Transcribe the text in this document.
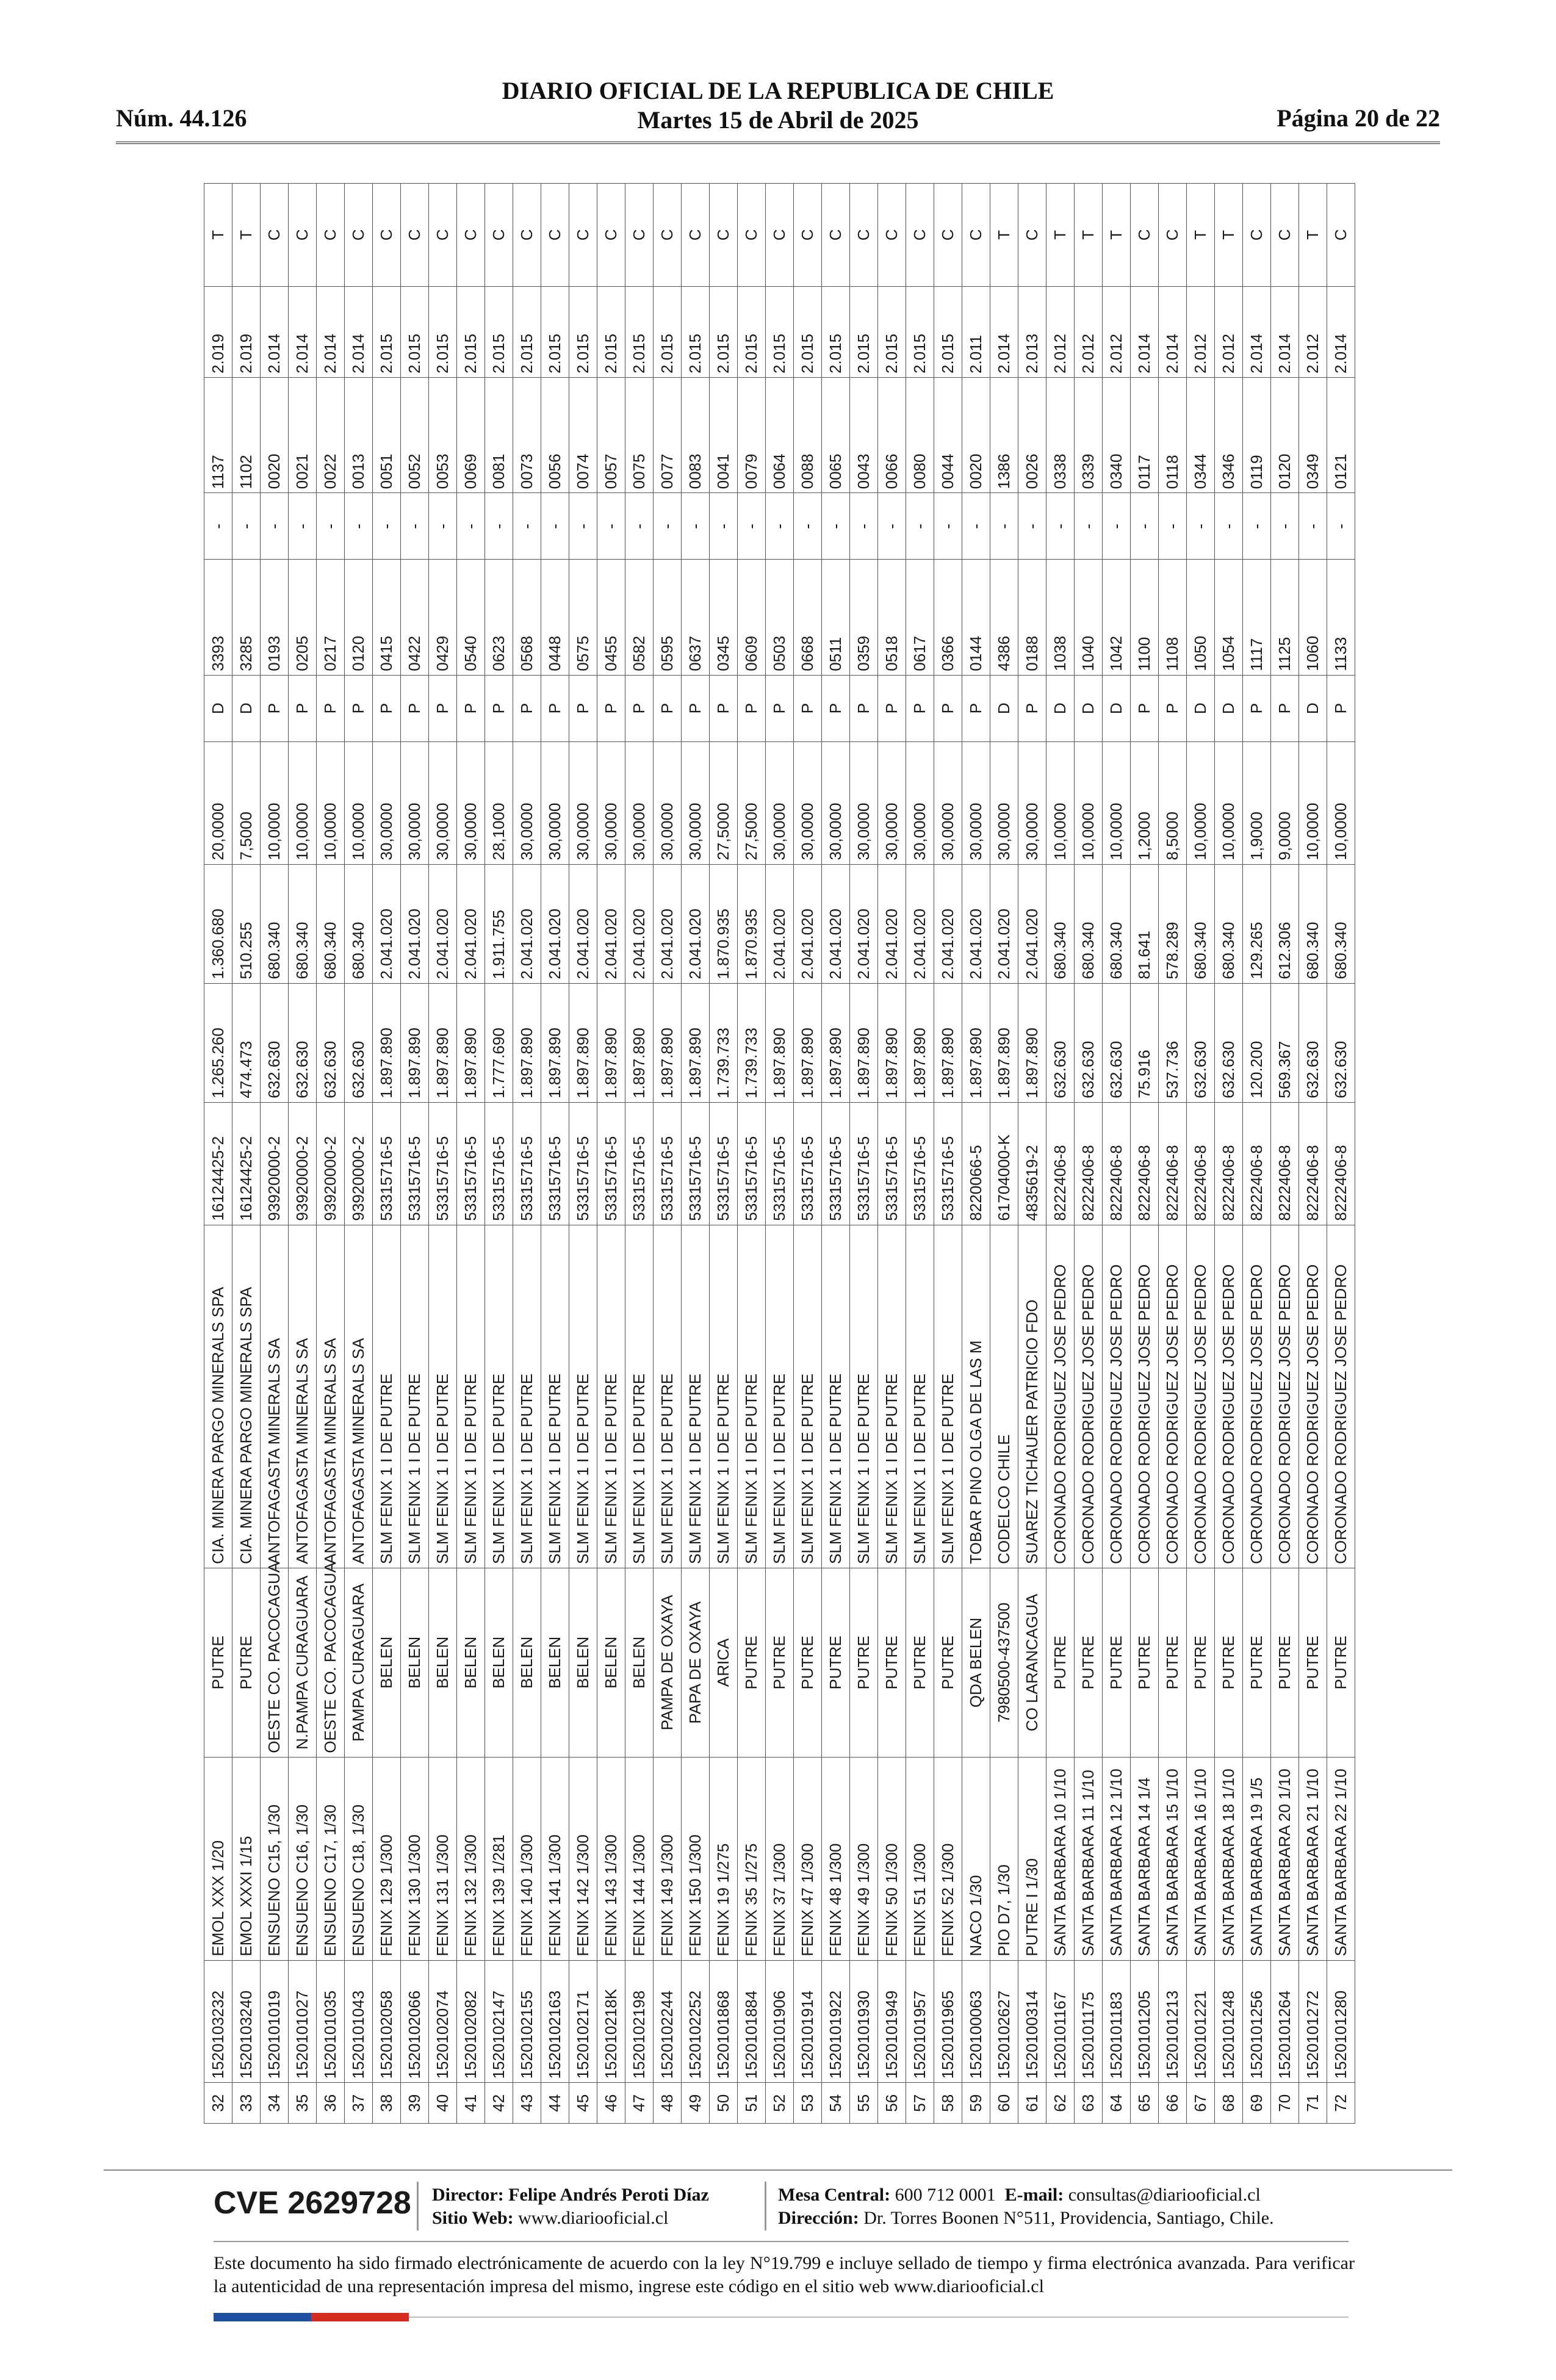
Núm. 44.126
DIARIO OFICIAL DE LA REPUBLICA DE CHILE
Martes 15 de Abril de 2025	Página 20 de 22
32	1520103232	EMOL XXX 1/20	PUTRE	CIA. MINERA PARGO MINERALS SPA	16124425-2	1.265.260	1.360.680	20,0000	D	3393	-	1137	2.019	T
33	1520103240	EMOL XXXI 1/15	PUTRE	CIA. MINERA PARGO MINERALS SPA	16124425-2	474.473	510.255	7,5000	D	3285	-	1102	2.019	T
34	1520101019	ENSUENO C15, 1/30	OESTE CO. PACOCAGUA	ANTOFAGASTA MINERALS SA	93920000-2	632.630	680.340	10,0000	P	0193	-	0020	2.014	C
35	1520101027	ENSUENO C16, 1/30	N.PAMPA CURAGUARA	ANTOFAGASTA MINERALS SA	93920000-2	632.630	680.340	10,0000	P	0205	-	0021	2.014	C
36	1520101035	ENSUENO C17, 1/30	OESTE CO. PACOCAGUA	ANTOFAGASTA MINERALS SA	93920000-2	632.630	680.340	10,0000	P	0217	-	0022	2.014	C
37	1520101043	ENSUENO C18, 1/30	PAMPA CURAGUARA	ANTOFAGASTA MINERALS SA	93920000-2	632.630	680.340	10,0000	P	0120	-	0013	2.014	C
38	1520102058	FENIX 129 1/300	BELEN	SLM FENIX 1 I DE PUTRE	53315716-5	1.897.890	2.041.020	30,0000	P	0415	-	0051	2.015	C
39	1520102066	FENIX 130 1/300	BELEN	SLM FENIX 1 I DE PUTRE	53315716-5	1.897.890	2.041.020	30,0000	P	0422	-	0052	2.015	C
40	1520102074	FENIX 131 1/300	BELEN	SLM FENIX 1 I DE PUTRE	53315716-5	1.897.890	2.041.020	30,0000	P	0429	-	0053	2.015	C
41	1520102082	FENIX 132 1/300	BELEN	SLM FENIX 1 I DE PUTRE	53315716-5	1.897.890	2.041.020	30,0000	P	0540	-	0069	2.015	C
42	1520102147	FENIX 139 1/281	BELEN	SLM FENIX 1 I DE PUTRE	53315716-5	1.777.690	1.911.755	28,1000	P	0623	-	0081	2.015	C
43	1520102155	FENIX 140 1/300	BELEN	SLM FENIX 1 I DE PUTRE	53315716-5	1.897.890	2.041.020	30,0000	P	0568	-	0073	2.015	C
44	1520102163	FENIX 141 1/300	BELEN	SLM FENIX 1 I DE PUTRE	53315716-5	1.897.890	2.041.020	30,0000	P	0448	-	0056	2.015	C
45	1520102171	FENIX 142 1/300	BELEN	SLM FENIX 1 I DE PUTRE	53315716-5	1.897.890	2.041.020	30,0000	P	0575	-	0074	2.015	C
46	152010218K	FENIX 143 1/300	BELEN	SLM FENIX 1 I DE PUTRE	53315716-5	1.897.890	2.041.020	30,0000	P	0455	-	0057	2.015	C
47	1520102198	FENIX 144 1/300	BELEN	SLM FENIX 1 I DE PUTRE	53315716-5	1.897.890	2.041.020	30,0000	P	0582	-	0075	2.015	C
48	1520102244	FENIX 149 1/300	PAMPA DE OXAYA	SLM FENIX 1 I DE PUTRE	53315716-5	1.897.890	2.041.020	30,0000	P	0595	-	0077	2.015	C
49	1520102252	FENIX 150 1/300	PAPA DE OXAYA	SLM FENIX 1 I DE PUTRE	53315716-5	1.897.890	2.041.020	30,0000	P	0637	-	0083	2.015	C
50	1520101868	FENIX 19 1/275	ARICA	SLM FENIX 1 I DE PUTRE	53315716-5	1.739.733	1.870.935	27,5000	P	0345	-	0041	2.015	C
51	1520101884	FENIX 35 1/275	PUTRE	SLM FENIX 1 I DE PUTRE	53315716-5	1.739.733	1.870.935	27,5000	P	0609	-	0079	2.015	C
52	1520101906	FENIX 37 1/300	PUTRE	SLM FENIX 1 I DE PUTRE	53315716-5	1.897.890	2.041.020	30,0000	P	0503	-	0064	2.015	C
53	1520101914	FENIX 47 1/300	PUTRE	SLM FENIX 1 I DE PUTRE	53315716-5	1.897.890	2.041.020	30,0000	P	0668	-	0088	2.015	C
54	1520101922	FENIX 48 1/300	PUTRE	SLM FENIX 1 I DE PUTRE	53315716-5	1.897.890	2.041.020	30,0000	P	0511	-	0065	2.015	C
55	1520101930	FENIX 49 1/300	PUTRE	SLM FENIX 1 I DE PUTRE	53315716-5	1.897.890	2.041.020	30,0000	P	0359	-	0043	2.015	C
56	1520101949	FENIX 50 1/300	PUTRE	SLM FENIX 1 I DE PUTRE	53315716-5	1.897.890	2.041.020	30,0000	P	0518	-	0066	2.015	C
57	1520101957	FENIX 51 1/300	PUTRE	SLM FENIX 1 I DE PUTRE	53315716-5	1.897.890	2.041.020	30,0000	P	0617	-	0080	2.015	C
58	1520101965	FENIX 52 1/300	PUTRE	SLM FENIX 1 I DE PUTRE	53315716-5	1.897.890	2.041.020	30,0000	P	0366	-	0044	2.015	C
59	1520100063	NACO 1/30	QDA BELEN	TOBAR PINO OLGA DE LAS M	8220066-5	1.897.890	2.041.020	30,0000	P	0144	-	0020	2.011	C
60	1520102627	PIO D7, 1/30	7980500-437500	CODELCO CHILE	61704000-K	1.897.890	2.041.020	30,0000	D	4386	-	1386	2.014	T
61	1520100314	PUTRE I 1/30	CO LARANCAGUA	SUAREZ TICHAUER PATRICIO FDO	4835619-2	1.897.890	2.041.020	30,0000	P	0188	-	0026	2.013	C
62	1520101167	SANTA BARBARA 10 1/10	PUTRE	CORONADO RODRIGUEZ JOSE PEDRO	8222406-8	632.630	680.340	10,0000	D	1038	-	0338	2.012	T
63	1520101175	SANTA BARBARA 11 1/10	PUTRE	CORONADO RODRIGUEZ JOSE PEDRO	8222406-8	632.630	680.340	10,0000	D	1040	-	0339	2.012	T
64	1520101183	SANTA BARBARA 12 1/10	PUTRE	CORONADO RODRIGUEZ JOSE PEDRO	8222406-8	632.630	680.340	10,0000	D	1042	-	0340	2.012	T
65	1520101205	SANTA BARBARA 14 1/4	PUTRE	CORONADO RODRIGUEZ JOSE PEDRO	8222406-8	75.916	81.641	1,2000	P	1100	-	0117	2.014	C
66	1520101213	SANTA BARBARA 15 1/10	PUTRE	CORONADO RODRIGUEZ JOSE PEDRO	8222406-8	537.736	578.289	8,5000	P	1108	-	0118	2.014	C
67	1520101221	SANTA BARBARA 16 1/10	PUTRE	CORONADO RODRIGUEZ JOSE PEDRO	8222406-8	632.630	680.340	10,0000	D	1050	-	0344	2.012	T
68	1520101248	SANTA BARBARA 18 1/10	PUTRE	CORONADO RODRIGUEZ JOSE PEDRO	8222406-8	632.630	680.340	10,0000	D	1054	-	0346	2.012	T
69	1520101256	SANTA BARBARA 19 1/5	PUTRE	CORONADO RODRIGUEZ JOSE PEDRO	8222406-8	120.200	129.265	1,9000	P	1117	-	0119	2.014	C
70	1520101264	SANTA BARBARA 20 1/10	PUTRE	CORONADO RODRIGUEZ JOSE PEDRO	8222406-8	569.367	612.306	9,0000	P	1125	-	0120	2.014	C
71	1520101272	SANTA BARBARA 21 1/10	PUTRE	CORONADO RODRIGUEZ JOSE PEDRO	8222406-8	632.630	680.340	10,0000	D	1060	-	0349	2.012	T
72	1520101280	SANTA BARBARA 22 1/10	PUTRE	CORONADO RODRIGUEZ JOSE PEDRO	8222406-8	632.630	680.340	10,0000	P	1133	-	0121	2.014	C
CVE 2629728 Director: Felipe Andrés Peroti Díaz
Sitio Web: www.diariooficial.cl
Mesa Central: 600 712 0001 E-mail: consultas@diariooficial.cl
Dirección: Dr. Torres Boonen N°511, Providencia, Santiago, Chile.
Este documento ha sido firmado electrónicamente de acuerdo con la ley N°19.799 e incluye sellado de tiempo y firma electrónica avanzada. Para verificar la autenticidad de una representación impresa del mismo, ingrese este código en el sitio web www.diariooficial.cl
